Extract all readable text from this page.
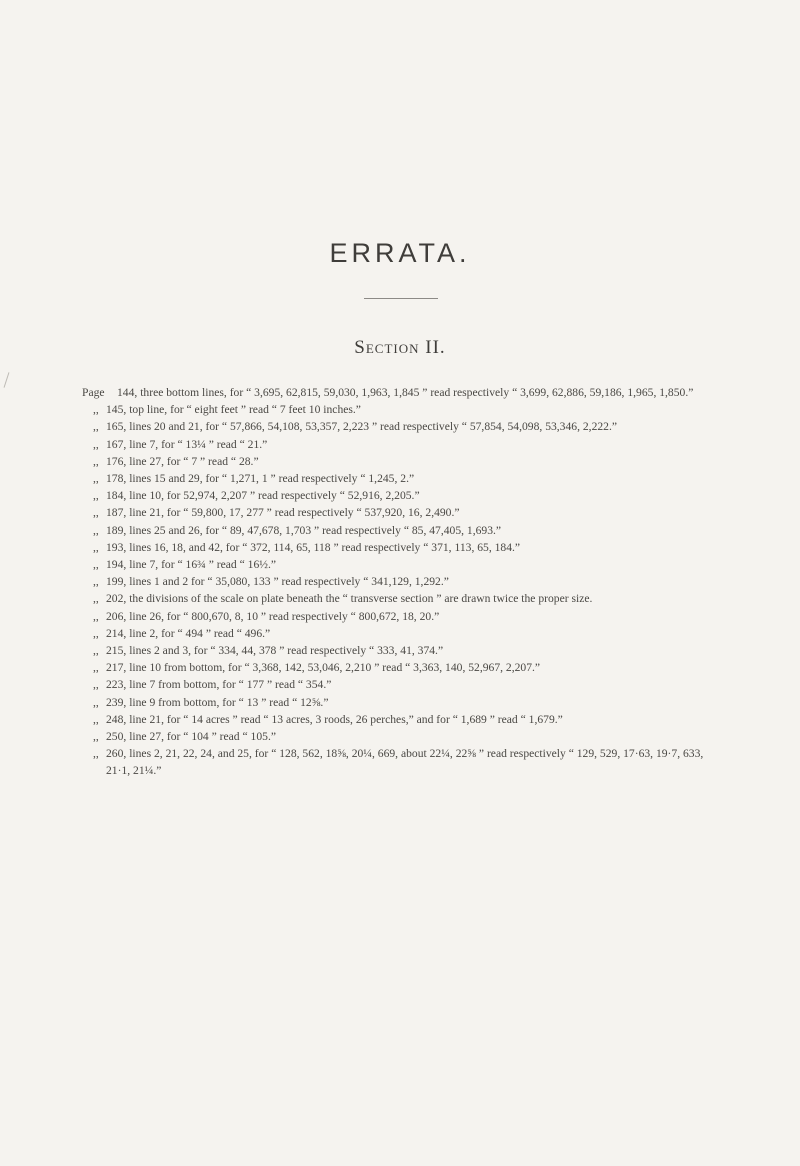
ERRATA.
Section II.
Page 144, three bottom lines, for “ 3,695, 62,815, 59,030, 1,963, 1,845 ” read respectively “ 3,699, 62,886, 59,186, 1,965, 1,850.”
,, 145, top line, for “ eight feet ” read “ 7 feet 10 inches.”
,, 165, lines 20 and 21, for “ 57,866, 54,108, 53,357, 2,223 ” read respectively “ 57,854, 54,098, 53,346, 2,222.”
,, 167, line 7, for “ 13¼ ” read “ 21.”
,, 176, line 27, for “ 7 ” read “ 28.”
,, 178, lines 15 and 29, for “ 1,271, 1 ” read respectively “ 1,245, 2.”
,, 184, line 10, for 52,974, 2,207 ” read respectively “ 52,916, 2,205.”
,, 187, line 21, for “ 59,800, 17, 277 ” read respectively “ 537,920, 16, 2,490.”
,, 189, lines 25 and 26, for “ 89, 47,678, 1,703 ” read respectively “ 85, 47,405, 1,693.”
,, 193, lines 16, 18, and 42, for “ 372, 114, 65, 118 ” read respectively “ 371, 113, 65, 184.”
,, 194, line 7, for “ 16¾ ” read “ 16½.”
,, 199, lines 1 and 2 for “ 35,080, 133 ” read respectively “ 341,129, 1,292.”
,, 202, the divisions of the scale on plate beneath the “ transverse section ” are drawn twice the proper size.
,, 206, line 26, for “ 800,670, 8, 10 ” read respectively “ 800,672, 18, 20.”
,, 214, line 2, for “ 494 ” read “ 496.”
,, 215, lines 2 and 3, for “ 334, 44, 378 ” read respectively “ 333, 41, 374.”
,, 217, line 10 from bottom, for “ 3,368, 142, 53,046, 2,210 ” read “ 3,363, 140, 52,967, 2,207.”
,, 223, line 7 from bottom, for “ 177 ” read “ 354.”
,, 239, line 9 from bottom, for “ 13 ” read “ 12⅝.”
,, 248, line 21, for “ 14 acres ” read “ 13 acres, 3 roods, 26 perches,” and for “ 1,689 ” read “ 1,679.”
,, 250, line 27, for “ 104 ” read “ 105.”
,, 260, lines 2, 21, 22, 24, and 25, for “ 128, 562, 18⅝, 20¼, 669, about 22¼, 22⅝ ” read respectively “ 129, 529, 17·63, 19·7, 633, 21·1, 21¼.”
